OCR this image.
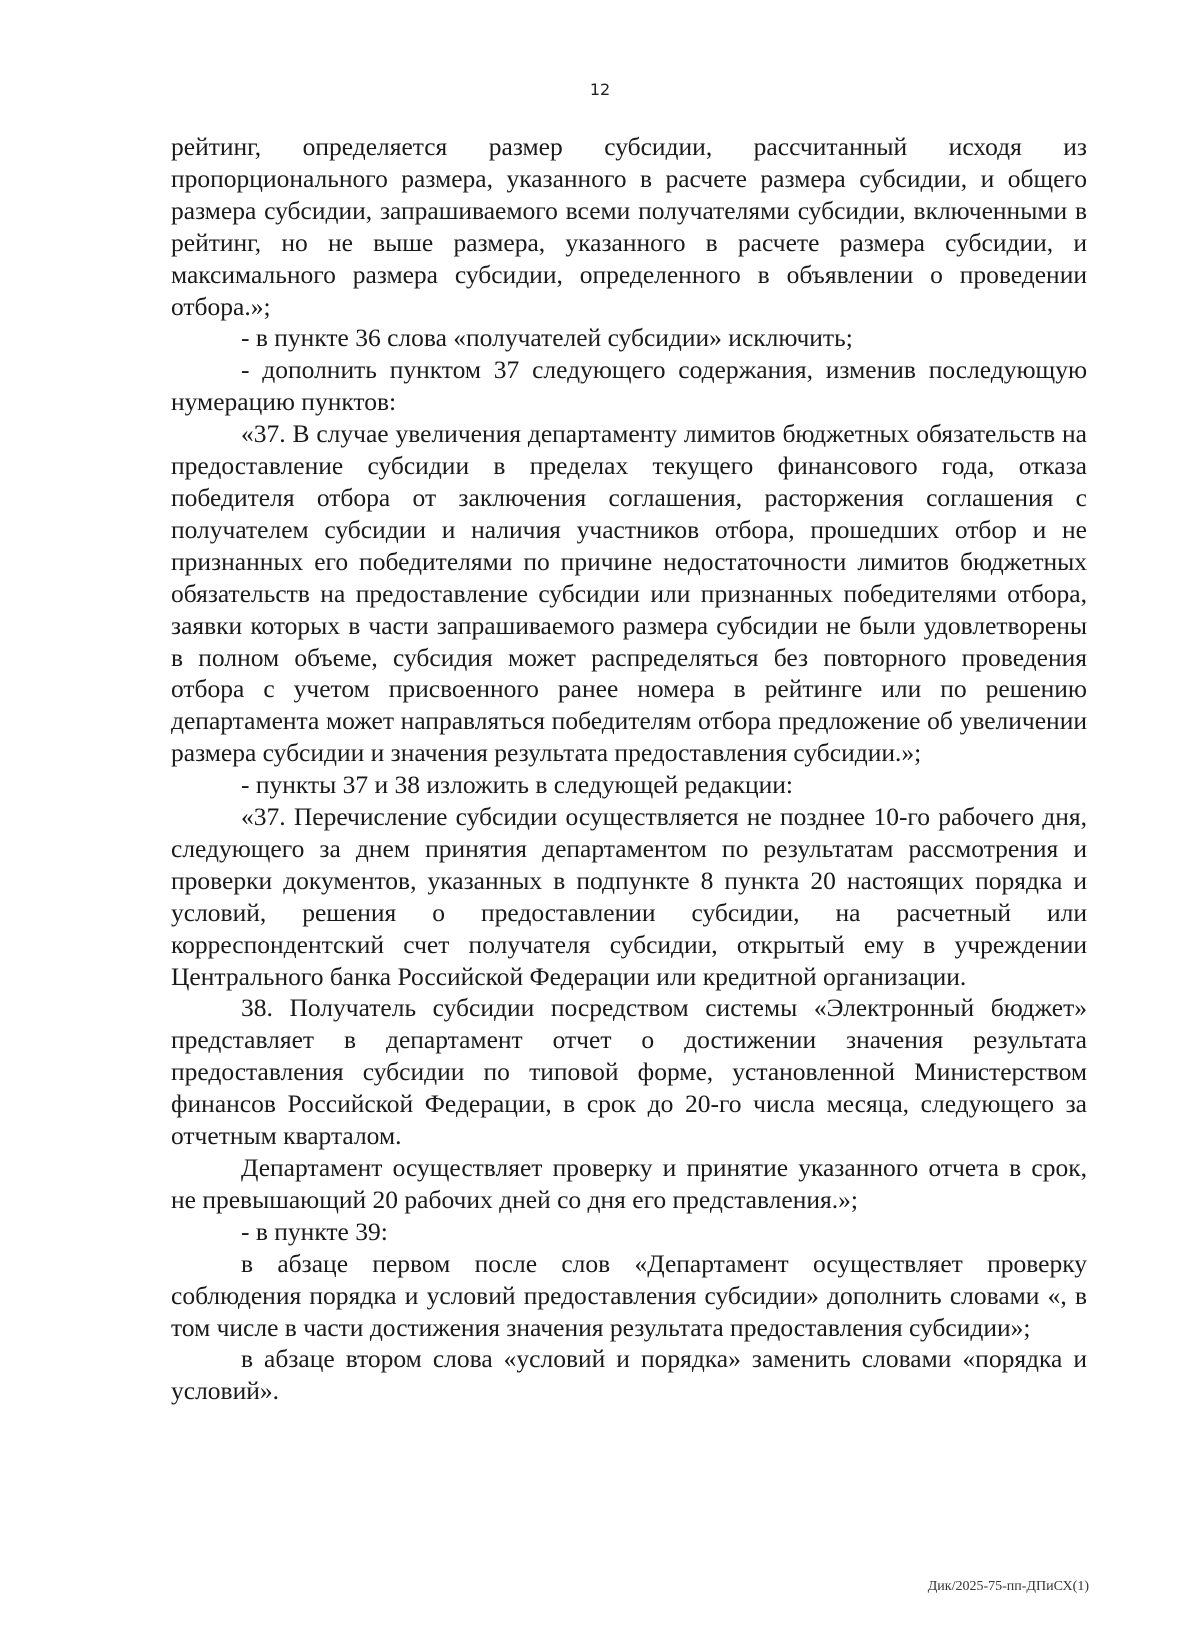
12

рейтинг, определяется размер субсидии, рассчитанный исходя из пропорционального размера, указанного в расчете размера субсидии, и общего размера субсидии, запрашиваемого всеми получателями субсидии, включенными в рейтинг, но не выше размера, указанного в расчете размера субсидии, и максимального размера субсидии, определенного в объявлении о проведении отбора.»;

- в пункте 36 слова «получателей субсидии» исключить;

- дополнить пунктом 37 следующего содержания, изменив последующую нумерацию пунктов:

«37. В случае увеличения департаменту лимитов бюджетных обязательств на предоставление субсидии в пределах текущего финансового года, отказа победителя отбора от заключения соглашения, расторжения соглашения с получателем субсидии и наличия участников отбора, прошедших отбор и не признанных его победителями по причине недостаточности лимитов бюджетных обязательств на предоставление субсидии или признанных победителями отбора, заявки которых в части запрашиваемого размера субсидии не были удовлетворены в полном объеме, субсидия может распределяться без повторного проведения отбора с учетом присвоенного ранее номера в рейтинге или по решению департамента может направляться победителям отбора предложение об увеличении размера субсидии и значения результата предоставления субсидии.»;

- пункты 37 и 38 изложить в следующей редакции:

«37. Перечисление субсидии осуществляется не позднее 10-го рабочего дня, следующего за днем принятия департаментом по результатам рассмотрения и проверки документов, указанных в подпункте 8 пункта 20 настоящих порядка и условий, решения о предоставлении субсидии, на расчетный или корреспондентский счет получателя субсидии, открытый ему в учреждении Центрального банка Российской Федерации или кредитной организации.

38. Получатель субсидии посредством системы «Электронный бюджет» представляет в департамент отчет о достижении значения результата предоставления субсидии по типовой форме, установленной Министерством финансов Российской Федерации, в срок до 20-го числа месяца, следующего за отчетным кварталом.

Департамент осуществляет проверку и принятие указанного отчета в срок, не превышающий 20 рабочих дней со дня его представления.»;

- в пункте 39:

в абзаце первом после слов «Департамент осуществляет проверку соблюдения порядка и условий предоставления субсидии» дополнить словами «, в том числе в части достижения значения результата предоставления субсидии»;

в абзаце втором слова «условий и порядка» заменить словами «порядка и условий».

Дик/2025-75-пп-ДПиСХ(1)
